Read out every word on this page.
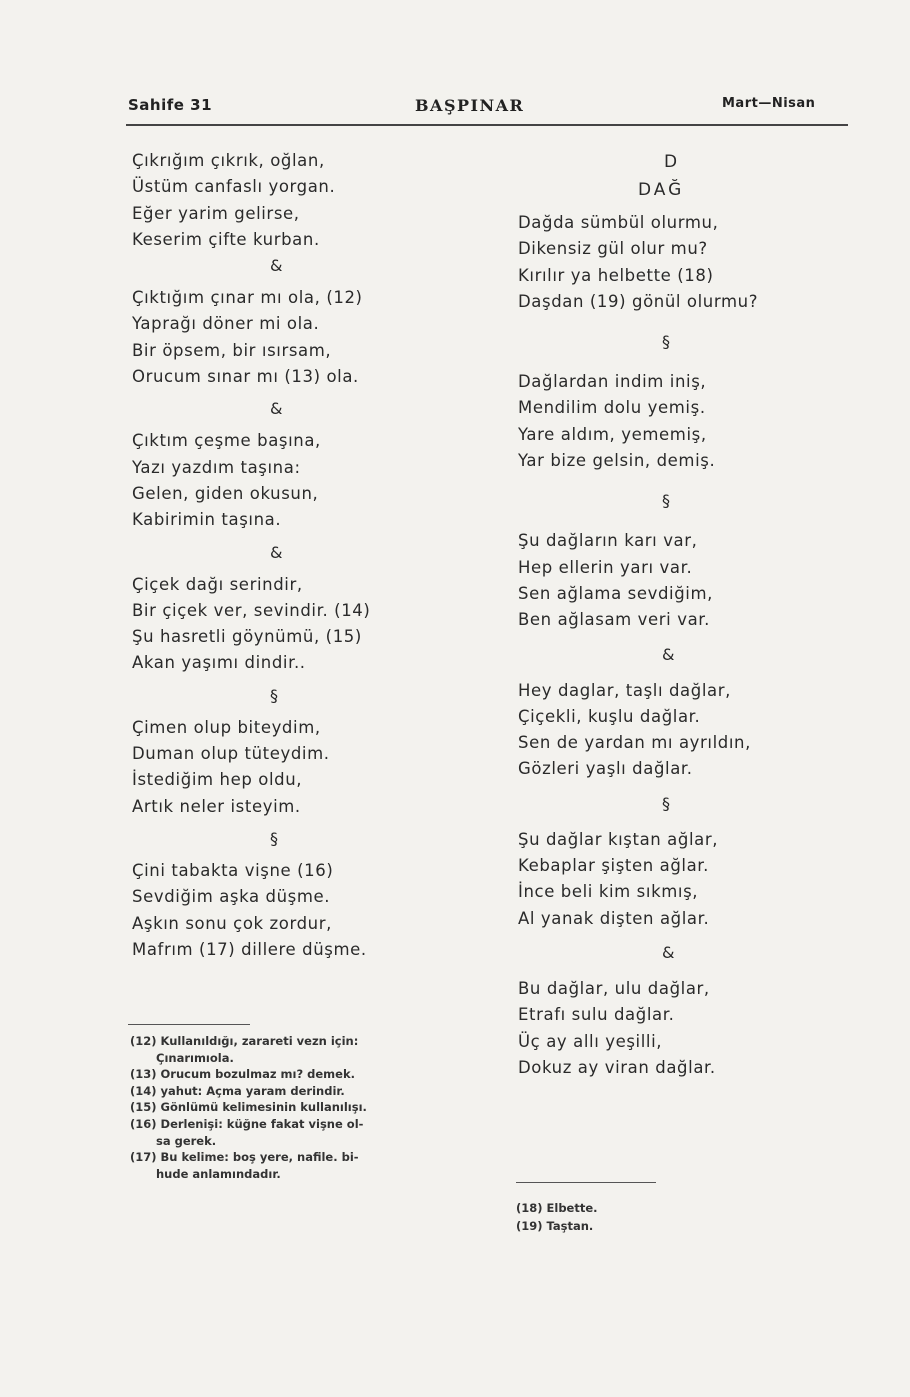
Sahife 31	BAŞPINAR	Mart—Nisan
Çıkrığım çıkrık, oğlan,
Üstüm canfaslı yorgan.
Eğer yarim gelirse,
Keserim çifte kurban.
&
Çıktığım çınar mı ola, (12)
Yaprağı döner mi ola.
Bir öpsem, bir ısırsam,
Orucum sınar mı (13) ola.
&
Çıktım çeşme başına,
Yazı yazdım taşına:
Gelen, giden okusun,
Kabirimin taşına.
&
Çiçek dağı serindir,
Bir çiçek ver, sevindir. (14)
Şu hasretli göynümü, (15)
Akan yaşımı dindir..
§
Çimen olup biteydim,
Duman olup tüteydim.
İstediğim hep oldu,
Artık neler isteyim.
§
Çini tabakta vişne (16)
Sevdiğim aşka düşme.
Aşkın sonu çok zordur,
Mafrım (17) dillere düşme.
(12) Kullanıldığı, zarareti vezn için:
Çınarımıola.
(13) Orucum bozulmaz mı? demek.
(14) yahut: Açma yaram derindir.
(15) Gönlümü kelimesinin kullanılışı.
(16) Derlenişi: küğne fakat vişne ol-
sa gerek.
(17) Bu kelime: boş yere, nafile. bi-
hude anlamındadır.
D
DAĞ
Dağda sümbül olurmu,
Dikensiz gül olur mu?
Kırılır ya helbette (18)
Daşdan (19) gönül olurmu?
§
Dağlardan indim iniş,
Mendilim dolu yemiş.
Yare aldım, yememiş,
Yar bize gelsin, demiş.
§
Şu dağların karı var,
Hep ellerin yarı var.
Sen ağlama sevdiğim,
Ben ağlasam veri var.
&
Hey daglar, taşlı dağlar,
Çiçekli, kuşlu dağlar.
Sen de yardan mı ayrıldın,
Gözleri yaşlı dağlar.
§
Şu dağlar kıştan ağlar,
Kebaplar şişten ağlar.
İnce beli kim sıkmış,
Al yanak dişten ağlar.
&
Bu dağlar, ulu dağlar,
Etrafı sulu dağlar.
Üç ay allı yeşilli,
Dokuz ay viran dağlar.
(18) Elbette.
(19) Taştan.
